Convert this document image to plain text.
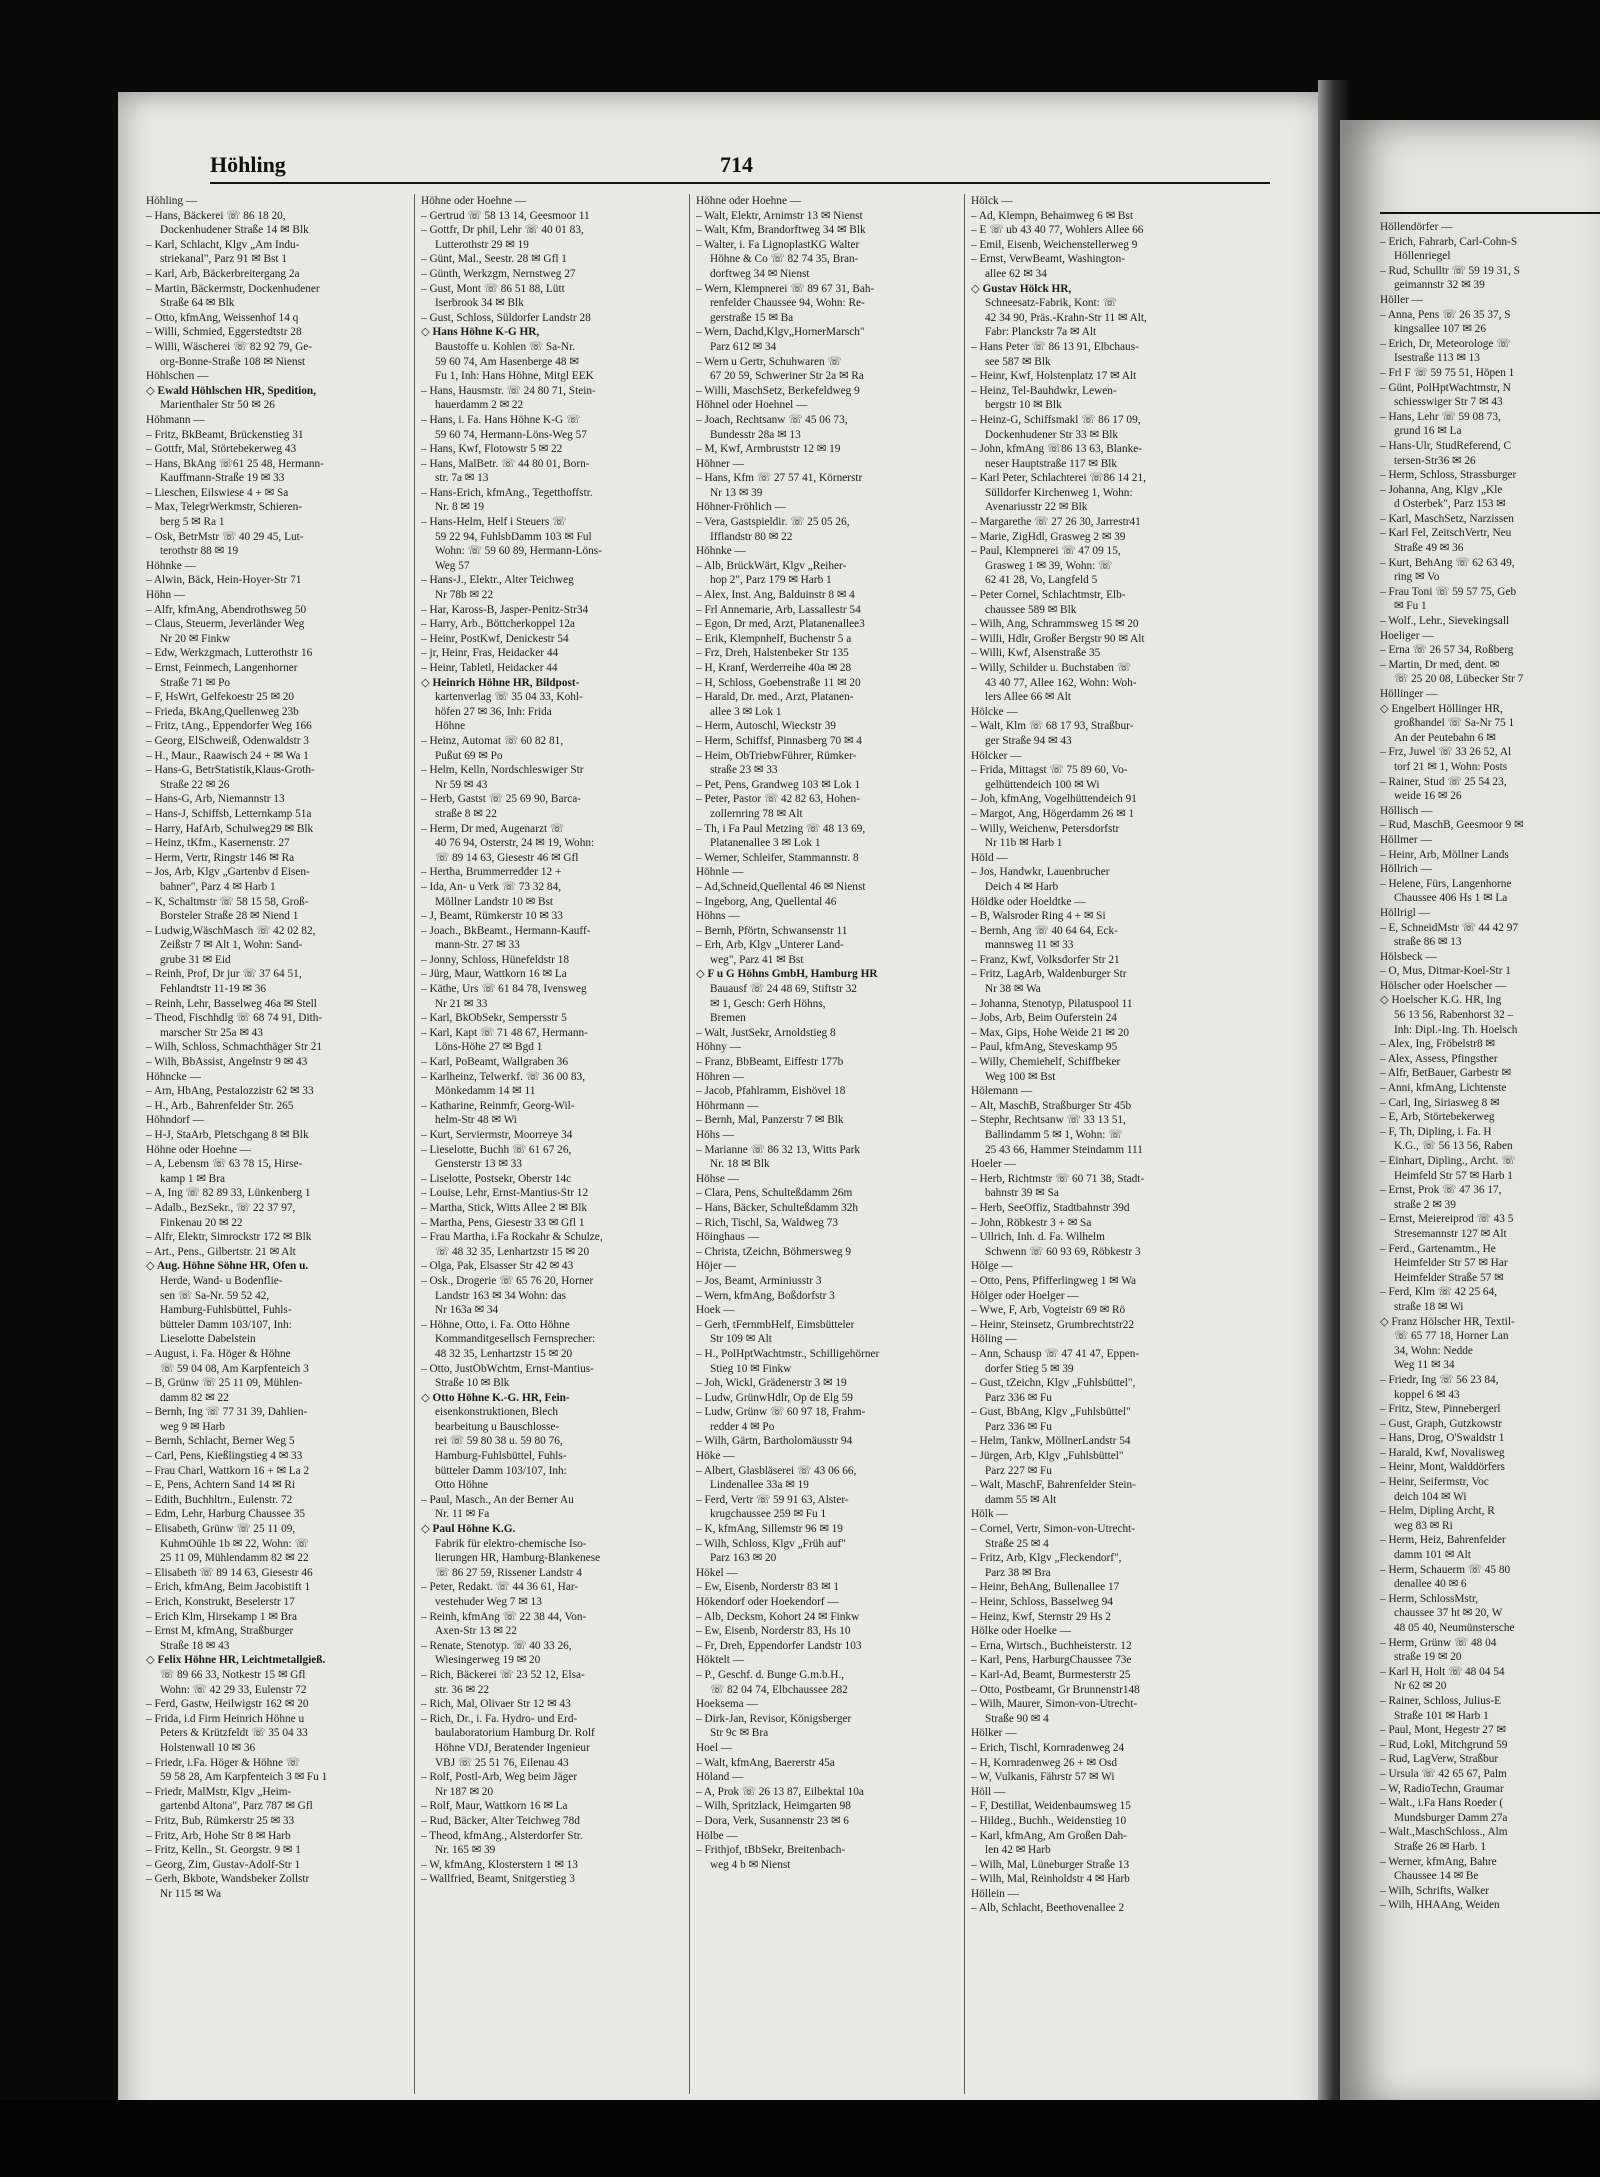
Höhling	714
Höhling —
– Hans, Bäckerei ☏ 86 18 20,
Dockenhudener Straße 14 ✉ Blk
– Karl, Schlacht, Klgv „Am Indu-
striekanal", Parz 91 ✉ Bst 1
– Karl, Arb, Bäckerbreitergang 2a
– Martin, Bäckermstr, Dockenhudener
Straße 64 ✉ Blk
– Otto, kfmAng, Weissenhof 14 q
– Willi, Schmied, Eggerstedtstr 28
– Willi, Wäscherei ☏ 82 92 79, Ge-
org-Bonne-Straße 108 ✉ Nienst
Höhlschen —
◇ Ewald Höhlschen HR, Spedition,
Marienthaler Str 50 ✉ 26
Höhmann —
– Fritz, BkBeamt, Brückenstieg 31
– Gottfr, Mal, Störtebekerweg 43
– Hans, BkAng ☏61 25 48, Hermann-
Kauffmann-Straße 19 ✉ 33
– Lieschen, Eilswiese 4 + ✉ Sa
– Max, TelegrWerkmstr, Schieren-
berg 5 ✉ Ra 1
– Osk, BetrMstr ☏ 40 29 45, Lut-
terothstr 88 ✉ 19
Höhnke —
– Alwin, Bäck, Hein-Hoyer-Str 71
Höhn —
– Alfr, kfmAng, Abendrothsweg 50
– Claus, Steuerm, Jeverländer Weg
Nr 20 ✉ Finkw
– Edw, Werkzgmach, Lutterothstr 16
– Ernst, Feinmech, Langenhorner
Straße 71 ✉ Po
– F, HsWrt, Gelfekoestr 25 ✉ 20
– Frieda, BkAng,Quellenweg 23b
– Fritz, tAng., Eppendorfer Weg 166
– Georg, ElSchweiß, Odenwaldstr 3
– H., Maur., Raawisch 24 + ✉ Wa 1
– Hans-G, BetrStatistik,Klaus-Groth-
Straße 22 ✉ 26
– Hans-G, Arb, Niemannstr 13
– Hans-J, Schiffsb, Letternkamp 51a
– Harry, HafArb, Schulweg29 ✉ Blk
– Heinz, tKfm., Kasernenstr. 27
– Herm, Vertr, Ringstr 146 ✉ Ra
– Jos, Arb, Klgv „Gartenbv d Eisen-
bahner", Parz 4 ✉ Harb 1
– K, Schaltmstr ☏ 58 15 58, Groß-
Borsteler Straße 28 ✉ Niend 1
– Ludwig,WäschMasch ☏ 42 02 82,
Zeißstr 7 ✉ Alt 1, Wohn: Sand-
grube 31 ✉ Eid
– Reinh, Prof, Dr jur ☏ 37 64 51,
Fehlandtstr 11-19 ✉ 36
– Reinh, Lehr, Basselweg 46a ✉ Stell
– Theod, Fischhdlg ☏ 68 74 91, Dith-
marscher Str 25a ✉ 43
– Wilh, Schloss, Schmachthäger Str 21
– Wilh, BbAssist, Angelnstr 9 ✉ 43
Höhncke —
– Arn, HbAng, Pestalozzistr 62 ✉ 33
– H., Arb., Bahrenfelder Str. 265
Höhndorf —
– H-J, StaArb, Pletschgang 8 ✉ Blk
Höhne oder Hoehne —
– A, Lebensm ☏ 63 78 15, Hirse-
kamp 1 ✉ Bra
– A, Ing ☏ 82 89 33, Lünkenberg 1
– Adalb., BezSekr., ☏ 22 37 97,
Finkenau 20 ✉ 22
– Alfr, Elektr, Simrockstr 172 ✉ Blk
– Art., Pens., Gilbertstr. 21 ✉ Alt
◇ Aug. Höhne Söhne HR, Ofen u.
Herde, Wand- u Bodenflie-
sen ☏ Sa-Nr. 59 52 42,
Hamburg-Fuhlsbüttel, Fuhls-
bütteler Damm 103/107, Inh:
Lieselotte Dabelstein
– August, i. Fa. Höger & Höhne
☏ 59 04 08, Am Karpfenteich 3
– B, Grünw ☏ 25 11 09, Mühlen-
damm 82 ✉ 22
– Bernh, Ing ☏ 77 31 39, Dahlien-
weg 9 ✉ Harb
– Bernh, Schlacht, Berner Weg 5
– Carl, Pens, Kießlingstieg 4 ✉ 33
– Frau Charl, Wattkorn 16 + ✉ La 2
– E, Pens, Achtern Sand 14 ✉ Ri
– Edith, Buchhltrn., Eulenstr. 72
– Edm, Lehr, Harburg Chaussee 35
– Elisabeth, Grünw ☏ 25 11 09,
KuhmOühle 1b ✉ 22, Wohn: ☏
25 11 09, Mühlendamm 82 ✉ 22
– Elisabeth ☏ 89 14 63, Giesestr 46
– Erich, kfmAng, Beim Jacobistift 1
– Erich, Konstrukt, Beselerstr 17
– Erich Klm, Hirsekamp 1 ✉ Bra
– Ernst M, kfmAng, Straßburger
Straße 18 ✉ 43
◇ Felix Höhne HR, Leichtmetallgieß.
☏ 89 66 33, Notkestr 15 ✉ Gfl
Wohn: ☏ 42 29 33, Eulenstr 72
– Ferd, Gastw, Heilwigstr 162 ✉ 20
– Frida, i.d Firm Heinrich Höhne u
Peters & Krützfeldt ☏ 35 04 33
Holstenwall 10 ✉ 36
– Friedr, i.Fa. Höger & Höhne ☏
59 58 28, Am Karpfenteich 3 ✉ Fu 1
– Friedr, MalMstr, Klgv „Heim-
gartenbd Altona", Parz 787 ✉ Gfl
– Fritz, Bub, Rümkerstr 25 ✉ 33
– Fritz, Arb, Hohe Str 8 ✉ Harb
– Fritz, Kelln., St. Georgstr. 9 ✉ 1
– Georg, Zim, Gustav-Adolf-Str 1
– Gerh, Bkbote, Wandsbeker Zollstr
Nr 115 ✉ Wa
Höhne oder Hoehne —
– Gertrud ☏ 58 13 14, Geesmoor 11
– Gottfr, Dr phil, Lehr ☏ 40 01 83,
Lutterothstr 29 ✉ 19
– Günt, Mal., Seestr. 28 ✉ Gfl 1
– Günth, Werkzgm, Nernstweg 27
– Gust, Mont ☏ 86 51 88, Lütt
Iserbrook 34 ✉ Blk
– Gust, Schloss, Süldorfer Landstr 28
◇ Hans Höhne K-G HR,
Baustoffe u. Kohlen ☏ Sa-Nr.
59 60 74, Am Hasenberge 48 ✉
Fu 1, Inh: Hans Höhne, Mitgl EEK
– Hans, Hausmstr. ☏ 24 80 71, Stein-
hauerdamm 2 ✉ 22
– Hans, i. Fa. Hans Höhne K-G ☏
59 60 74, Hermann-Löns-Weg 57
– Hans, Kwf, Flotowstr 5 ✉ 22
– Hans, MalBetr. ☏ 44 80 01, Born-
str. 7a ✉ 13
– Hans-Erich, kfmAng., Tegetthoffstr.
Nr. 8 ✉ 19
– Hans-Helm, Helf i Steuers ☏
59 22 94, FuhlsbDamm 103 ✉ Ful
Wohn: ☏ 59 60 89, Hermann-Löns-
Weg 57
– Hans-J., Elektr., Alter Teichweg
Nr 78b ✉ 22
– Har, Kaross-B, Jasper-Penitz-Str34
– Harry, Arb., Böttcherkoppel 12a
– Heinr, PostKwf, Denickestr 54
– jr, Heinr, Fras, Heidacker 44
– Heinr, Tabletl, Heidacker 44
◇ Heinrich Höhne HR, Bildpost-
kartenverlag ☏ 35 04 33, Kohl-
höfen 27 ✉ 36, Inh: Frida
Höhne
– Heinz, Automat ☏ 60 82 81,
Pußut 69 ✉ Po
– Helm, Kelln, Nordschleswiger Str
Nr 59 ✉ 43
– Herb, Gastst ☏ 25 69 90, Barca-
straße 8 ✉ 22
– Herm, Dr med, Augenarzt ☏
40 76 94, Osterstr, 24 ✉ 19, Wohn:
☏ 89 14 63, Giesestr 46 ✉ Gfl
– Hertha, Brummerredder 12 +
– Ida, An- u Verk ☏ 73 32 84,
Möllner Landstr 10 ✉ Bst
– J, Beamt, Rümkerstr 10 ✉ 33
– Joach., BkBeamt., Hermann-Kauff-
mann-Str. 27 ✉ 33
– Jonny, Schloss, Hünefeldstr 18
– Jürg, Maur, Wattkorn 16 ✉ La
– Käthe, Urs ☏ 61 84 78, Ivensweg
Nr 21 ✉ 33
– Karl, BkObSekr, Sempersstr 5
– Karl, Kapt ☏ 71 48 67, Hermann-
Löns-Höhe 27 ✉ Bgd 1
– Karl, PoBeamt, Wallgraben 36
– Karlheinz, Telwerkf. ☏ 36 00 83,
Mönkedamm 14 ✉ 11
– Katharine, Reinmfr, Georg-Wil-
helm-Str 48 ✉ Wi
– Kurt, Serviermstr, Moorreye 34
– Lieselotte, Buchh ☏ 61 67 26,
Gensterstr 13 ✉ 33
– Liselotte, Postsekr, Oberstr 14c
– Louise, Lehr, Ernst-Mantius-Str 12
– Martha, Stick, Witts Allee 2 ✉ Blk
– Martha, Pens, Giesestr 33 ✉ Gfl 1
– Frau Martha, i.Fa Rockahr & Schulze,
☏ 48 32 35, Lenhartzstr 15 ✉ 20
– Olga, Pak, Elsasser Str 42 ✉ 43
– Osk., Drogerie ☏ 65 76 20, Horner
Landstr 163 ✉ 34 Wohn: das
Nr 163a ✉ 34
– Höhne, Otto, i. Fa. Otto Höhne
Kommanditgesellsch Fernsprecher:
48 32 35, Lenhartzstr 15 ✉ 20
– Otto, JustObWchtm, Ernst-Mantius-
Straße 10 ✉ Blk
◇ Otto Höhne K.-G. HR, Fein-
eisenkonstruktionen, Blech
bearbeitung u Bauschlosse-
rei ☏ 59 80 38 u. 59 80 76,
Hamburg-Fuhlsbüttel, Fuhls-
bütteler Damm 103/107, Inh:
Otto Höhne
– Paul, Masch., An der Berner Au
Nr. 11 ✉ Fa
◇ Paul Höhne K.G.
Fabrik für elektro-chemische Iso-
lierungen HR, Hamburg-Blankenese
☏ 86 27 59, Rissener Landstr 4
– Peter, Redakt. ☏ 44 36 61, Har-
vestehuder Weg 7 ✉ 13
– Reinh, kfmAng ☏ 22 38 44, Von-
Axen-Str 13 ✉ 22
– Renate, Stenotyp. ☏ 40 33 26,
Wiesingerweg 19 ✉ 20
– Rich, Bäckerei ☏ 23 52 12, Elsa-
str. 36 ✉ 22
– Rich, Mal, Olivaer Str 12 ✉ 43
– Rich, Dr., i. Fa. Hydro- und Erd-
baulaboratorium Hamburg Dr. Rolf
Höhne VDJ, Beratender Ingenieur
VBJ ☏ 25 51 76, Eilenau 43
– Rolf, Postl-Arb, Weg beim Jäger
Nr 187 ✉ 20
– Rolf, Maur, Wattkorn 16 ✉ La
– Rud, Bäcker, Alter Teichweg 78d
– Theod, kfmAng., Alsterdorfer Str.
Nr. 165 ✉ 39
– W, kfmAng, Klosterstern 1 ✉ 13
– Wallfried, Beamt, Snitgerstieg 3
Höhne oder Hoehne —
– Walt, Elektr, Arnimstr 13 ✉ Nienst
– Walt, Kfm, Brandorftweg 34 ✉ Blk
– Walter, i. Fa LignoplastKG Walter
Höhne & Co ☏ 82 74 35, Bran-
dorftweg 34 ✉ Nienst
– Wern, Klempnerei ☏ 89 67 31, Bah-
renfelder Chaussee 94, Wohn: Re-
gerstraße 15 ✉ Ba
– Wern, Dachd,Klgv„HornerMarsch"
Parz 612 ✉ 34
– Wern u Gertr, Schuhwaren ☏
67 20 59, Schweriner Str 2a ✉ Ra
– Willi, MaschSetz, Berkefeldweg 9
Höhnel oder Hoehnel —
– Joach, Rechtsanw ☏ 45 06 73,
Bundesstr 28a ✉ 13
– M, Kwf, Armbruststr 12 ✉ 19
Höhner —
– Hans, Kfm ☏ 27 57 41, Körnerstr
Nr 13 ✉ 39
Höhner-Fröhlich —
– Vera, Gastspieldir. ☏ 25 05 26,
Ifflandstr 80 ✉ 22
Höhnke —
– Alb, BrückWärt, Klgv „Reiher-
hop 2", Parz 179 ✉ Harb 1
– Alex, Inst. Ang, Balduinstr 8 ✉ 4
– Frl Annemarie, Arb, Lassallestr 54
– Egon, Dr med, Arzt, Platanenallee3
– Erik, Klempnhelf, Buchenstr 5 a
– Frz, Dreh, Halstenbeker Str 135
– H, Kranf, Werderreihe 40a ✉ 28
– H, Schloss, Goebenstraße 11 ✉ 20
– Harald, Dr. med., Arzt, Platanen-
allee 3 ✉ Lok 1
– Herm, Autoschl, Wieckstr 39
– Herm, Schiffsf, Pinnasberg 70 ✉ 4
– Heim, ObTriebwFührer, Rümker-
straße 23 ✉ 33
– Pet, Pens, Grandweg 103 ✉ Lok 1
– Peter, Pastor ☏ 42 82 63, Hohen-
zollernring 78 ✉ Alt
– Th, i Fa Paul Metzing ☏ 48 13 69,
Platanenallee 3 ✉ Lok 1
– Werner, Schleifer, Stammannstr. 8
Höhnle —
– Ad,Schneid,Quellental 46 ✉ Nienst
– Ingeborg, Ang, Quellental 46
Höhns —
– Bernh, Pförtn, Schwansenstr 11
– Erh, Arb, Klgv „Unterer Land-
weg", Parz 41 ✉ Bst
◇ F u G Höhns GmbH, Hamburg HR
Bauausf ☏ 24 48 69, Stiftstr 32
✉ 1, Gesch: Gerh Höhns,
Bremen
– Walt, JustSekr, Arnoldstieg 8
Höhny —
– Franz, BbBeamt, Eiffestr 177b
Höhren —
– Jacob, Pfahlramm, Eishövel 18
Höhrmann —
– Bernh, Mal, Panzerstr 7 ✉ Blk
Höhs —
– Marianne ☏ 86 32 13, Witts Park
Nr. 18 ✉ Blk
Höhse —
– Clara, Pens, Schulteßdamm 26m
– Hans, Bäcker, Schulteßdamm 32h
– Rich, Tischl, Sa, Waldweg 73
Höinghaus —
– Christa, tZeichn, Böhmersweg 9
Höjer —
– Jos, Beamt, Arminiusstr 3
– Wern, kfmAng, Boßdorfstr 3
Hoek —
– Gerh, tFernmbHelf, Eimsbütteler
Str 109 ✉ Alt
– H., PolHptWachtmstr., Schilligehörner
Stieg 10 ✉ Finkw
– Joh, Wickl, Grädenerstr 3 ✉ 19
– Ludw, GrünwHdlr, Op de Elg 59
– Ludw, Grünw ☏ 60 97 18, Frahm-
redder 4 ✉ Po
– Wilh, Gärtn, Bartholomäusstr 94
Höke —
– Albert, Glasbläserei ☏ 43 06 66,
Lindenallee 33a ✉ 19
– Ferd, Vertr ☏ 59 91 63, Alster-
krugchaussee 259 ✉ Fu 1
– K, kfmAng, Sillemstr 96 ✉ 19
– Wilh, Schloss, Klgv „Früh auf"
Parz 163 ✉ 20
Hökel —
– Ew, Eisenb, Norderstr 83 ✉ 1
Hökendorf oder Hoekendorf —
– Alb, Decksm, Kohort 24 ✉ Finkw
– Ew, Eisenb, Norderstr 83, Hs 10
– Fr, Dreh, Eppendorfer Landstr 103
Höktelt —
– P., Geschf. d. Bunge G.m.b.H.,
☏ 82 04 74, Elbchaussee 282
Hoeksema —
– Dirk-Jan, Revisor, Königsberger
Str 9c ✉ Bra
Hoel —
– Walt, kfmAng, Baererstr 45a
Höland —
– A, Prok ☏ 26 13 87, Eilbektal 10a
– Wilh, Spritzlack, Heimgarten 98
– Dora, Verk, Susannenstr 23 ✉ 6
Hölbe —
– Frithjof, tBbSekr, Breitenbach-
weg 4 b ✉ Nienst
Hölck —
– Ad, Klempn, Behaimweg 6 ✉ Bst
– E ☏ ub 43 40 77, Wohlers Allee 66
– Emil, Eisenb, Weichenstellerweg 9
– Ernst, VerwBeamt, Washington-
allee 62 ✉ 34
◇ Gustav Hölck HR,
Schneesatz-Fabrik, Kont: ☏
42 34 90, Präs.-Krahn-Str 11 ✉ Alt,
Fabr: Planckstr 7a ✉ Alt
– Hans Peter ☏ 86 13 91, Elbchaus-
see 587 ✉ Blk
– Heinr, Kwf, Holstenplatz 17 ✉ Alt
– Heinz, Tel-Bauhdwkr, Lewen-
bergstr 10 ✉ Blk
– Heinz-G, Schiffsmakl ☏ 86 17 09,
Dockenhudener Str 33 ✉ Blk
– John, kfmAng ☏86 13 63, Blanke-
neser Hauptstraße 117 ✉ Blk
– Karl Peter, Schlachterei ☏86 14 21,
Sülldorfer Kirchenweg 1, Wohn:
Avenariusstr 22 ✉ Blk
– Margarethe ☏ 27 26 30, Jarrestr41
– Marie, ZigHdl, Grasweg 2 ✉ 39
– Paul, Klempnerei ☏ 47 09 15,
Grasweg 1 ✉ 39, Wohn: ☏
62 41 28, Vo, Langfeld 5
– Peter Cornel, Schlachtmstr, Elb-
chaussee 589 ✉ Blk
– Wilh, Ang, Schrammsweg 15 ✉ 20
– Willi, Hdlr, Großer Bergstr 90 ✉ Alt
– Willi, Kwf, Alsenstraße 35
– Willy, Schilder u. Buchstaben ☏
43 40 77, Allee 162, Wohn: Woh-
lers Allee 66 ✉ Alt
Hölcke —
– Walt, Klm ☏ 68 17 93, Straßbur-
ger Straße 94 ✉ 43
Hölcker —
– Frida, Mittagst ☏ 75 89 60, Vo-
gelhüttendeich 100 ✉ Wi
– Joh, kfmAng, Vogelhüttendeich 91
– Margot, Ang, Högerdamm 26 ✉ 1
– Willy, Weichenw, Petersdorfstr
Nr 11b ✉ Harb 1
Höld —
– Jos, Handwkr, Lauenbrucher
Deich 4 ✉ Harb
Höldke oder Hoeldtke —
– B, Walsroder Ring 4 + ✉ Si
– Bernh, Ang ☏ 40 64 64, Eck-
mannsweg 11 ✉ 33
– Franz, Kwf, Volksdorfer Str 21
– Fritz, LagArb, Waldenburger Str
Nr 38 ✉ Wa
– Johanna, Stenotyp, Pilatuspool 11
– Jobs, Arb, Beim Ouferstein 24
– Max, Gips, Hohe Weide 21 ✉ 20
– Paul, kfmAng, Steveskamp 95
– Willy, Chemiehelf, Schiffbeker
Weg 100 ✉ Bst
Hölemann —
– Alt, MaschB, Straßburger Str 45b
– Stephr, Rechtsanw ☏ 33 13 51,
Ballindamm 5 ✉ 1, Wohn: ☏
25 43 66, Hammer Steindamm 111
Hoeler —
– Herb, Richtmstr ☏ 60 71 38, Stadt-
bahnstr 39 ✉ Sa
– Herb, SeeOffiz, Stadtbahnstr 39d
– John, Röbkestr 3 + ✉ Sa
– Ullrich, Inh. d. Fa. Wilhelm
Schwenn ☏ 60 93 69, Röbkestr 3
Hölge —
– Otto, Pens, Pfifferlingweg 1 ✉ Wa
Hölger oder Hoelger —
– Wwe, F, Arb, Vogteistr 69 ✉ Rö
– Heinr, Steinsetz, Grumbrechtstr22
Höling —
– Ann, Schausp ☏ 47 41 47, Eppen-
dorfer Stieg 5 ✉ 39
– Gust, tZeichn, Klgv „Fuhlsbüttel",
Parz 336 ✉ Fu
– Gust, BbAng, Klgv „Fuhlsbüttel"
Parz 336 ✉ Fu
– Helm, Tankw, MöllnerLandstr 54
– Jürgen, Arb, Klgv „Fuhlsbüttel"
Parz 227 ✉ Fu
– Walt, MaschF, Bahrenfelder Stein-
damm 55 ✉ Alt
Hölk —
– Cornel, Vertr, Simon-von-Utrecht-
Straße 25 ✉ 4
– Fritz, Arb, Klgv „Fleckendorf",
Parz 38 ✉ Bra
– Heinr, BehAng, Bullenallee 17
– Heinr, Schloss, Basselweg 94
– Heinz, Kwf, Sternstr 29 Hs 2
Hölke oder Hoelke —
– Erna, Wirtsch., Buchheisterstr. 12
– Karl, Pens, HarburgChaussee 73e
– Karl-Ad, Beamt, Burmesterstr 25
– Otto, Postbeamt, Gr Brunnenstr148
– Wilh, Maurer, Simon-von-Utrecht-
Straße 90 ✉ 4
Hölker —
– Erich, Tischl, Kornradenweg 24
– H, Kornradenweg 26 + ✉ Osd
– W, Vulkanis, Fährstr 57 ✉ Wi
Höll —
– F, Destillat, Weidenbaumsweg 15
– Hildeg., Buchh., Weidenstieg 10
– Karl, kfmAng, Am Großen Dah-
len 42 ✉ Harb
– Wilh, Mal, Lüneburger Straße 13
– Wilh, Mal, Reinholdstr 4 ✉ Harb
Höllein —
– Alb, Schlacht, Beethovenallee 2
Höllendörfer —
– Erich, Fahrarb, Carl-Cohn-S
Höllenriegel
– Rud, Schulltr ☏ 59 19 31, S
geimannstr 32 ✉ 39
Höller —
– Anna, Pens ☏ 26 35 37, S
kingsallee 107 ✉ 26
– Erich, Dr, Meteorologe ☏
Isestraße 113 ✉ 13
– Frl F ☏ 59 75 51, Höpen 1
– Günt, PolHptWachtmstr, N
schiesswiger Str 7 ✉ 43
– Hans, Lehr ☏ 59 08 73,
grund 16 ✉ La
– Hans-Ulr, StudReferend, C
tersen-Str36 ✉ 26
– Herm, Schloss, Strassburger
– Johanna, Ang, Klgv „Kle
d Osterbek", Parz 153 ✉
– Karl, MaschSetz, Narzissen
– Karl Fel, ZeitschVertr, Neu
Straße 49 ✉ 36
– Kurt, BehAng ☏ 62 63 49,
ring ✉ Vo
– Frau Toni ☏ 59 57 75, Geb
✉ Fu 1
– Wolf., Lehr., Sievekingsall
Hoeliger —
– Erna ☏ 26 57 34, Roßberg
– Martin, Dr med, dent. ✉
☏ 25 20 08, Lübecker Str 7
Höllinger —
◇ Engelbert Höllinger HR,
großhandel ☏ Sa-Nr 75 1
An der Peutebahn 6 ✉
– Frz, Juwel ☏ 33 26 52, Al
torf 21 ✉ 1, Wohn: Posts
– Rainer, Stud ☏ 25 54 23,
weide 16 ✉ 26
Höllisch —
– Rud, MaschB, Geesmoor 9 ✉
Höllmer —
– Heinr, Arb, Möllner Lands
Höllrich —
– Helene, Fürs, Langenhorne
Chaussee 406 Hs 1 ✉ La
Höllrigl —
– E, SchneidMstr ☏ 44 42 97
straße 86 ✉ 13
Hölsbeck —
– O, Mus, Ditmar-Koel-Str 1
Hölscher oder Hoelscher —
◇ Hoelscher K.G. HR, Ing
56 13 56, Rabenhorst 32 –
Inh: Dipl.-Ing. Th. Hoelsch
– Alex, Ing, Fröbelstr8 ✉
– Alex, Assess, Pfingsther
– Alfr, BetBauer, Garbestr ✉
– Anni, kfmAng, Lichtenste
– Carl, Ing, Siriasweg 8 ✉
– E, Arb, Störtebekerweg
– F, Th, Dipling, i. Fa. H
K.G., ☏ 56 13 56, Raben
– Einhart, Dipling., Archt. ☏
Heimfeld Str 57 ✉ Harb 1
– Ernst, Prok ☏ 47 36 17,
straße 2 ✉ 39
– Ernst, Meiereiprod ☏ 43 5
Stresemannstr 127 ✉ Alt
– Ferd., Gartenamtm., He
Heimfelder Str 57 ✉ Har
Heimfelder Straße 57 ✉
– Ferd, Klm ☏ 42 25 64,
straße 18 ✉ Wi
◇ Franz Hölscher HR, Textil-
☏ 65 77 18, Horner Lan
34, Wohn: Nedde
Weg 11 ✉ 34
– Friedr, Ing ☏ 56 23 84,
koppel 6 ✉ 43
– Fritz, Stew, Pinnebergerl
– Gust, Graph, Gutzkowstr
– Hans, Drog, O'Swaldstr 1
– Harald, Kwf, Novalisweg
– Heinr, Mont, Walddörfers
– Heinr, Seifermstr, Voc
deich 104 ✉ Wi
– Helm, Dipling Archt, R
weg 83 ✉ Ri
– Herm, Heiz, Bahrenfelder
damm 101 ✉ Alt
– Herm, Schauerm ☏ 45 80
denallee 40 ✉ 6
– Herm, SchlossMstr,
chaussee 37 ht ✉ 20, W
48 05 40, Neumünstersche
– Herm, Grünw ☏ 48 04
straße 19 ✉ 20
– Karl H, Holt ☏ 48 04 54
Nr 62 ✉ 20
– Rainer, Schloss, Julius-E
Straße 101 ✉ Harb 1
– Paul, Mont, Hegestr 27 ✉
– Rud, Lokl, Mitchgrund 59
– Rud, LagVerw, Straßbur
– Ursula ☏ 42 65 67, Palm
– W, RadioTechn, Graumar
– Walt., i.Fa Hans Roeder (
Mundsburger Damm 27a
– Walt.,MaschSchloss., Alm
Straße 26 ✉ Harb. 1
– Werner, kfmAng, Bahre
Chaussee 14 ✉ Be
– Wilh, Schrifts, Walker
– Wilh, HHAAng, Weiden
